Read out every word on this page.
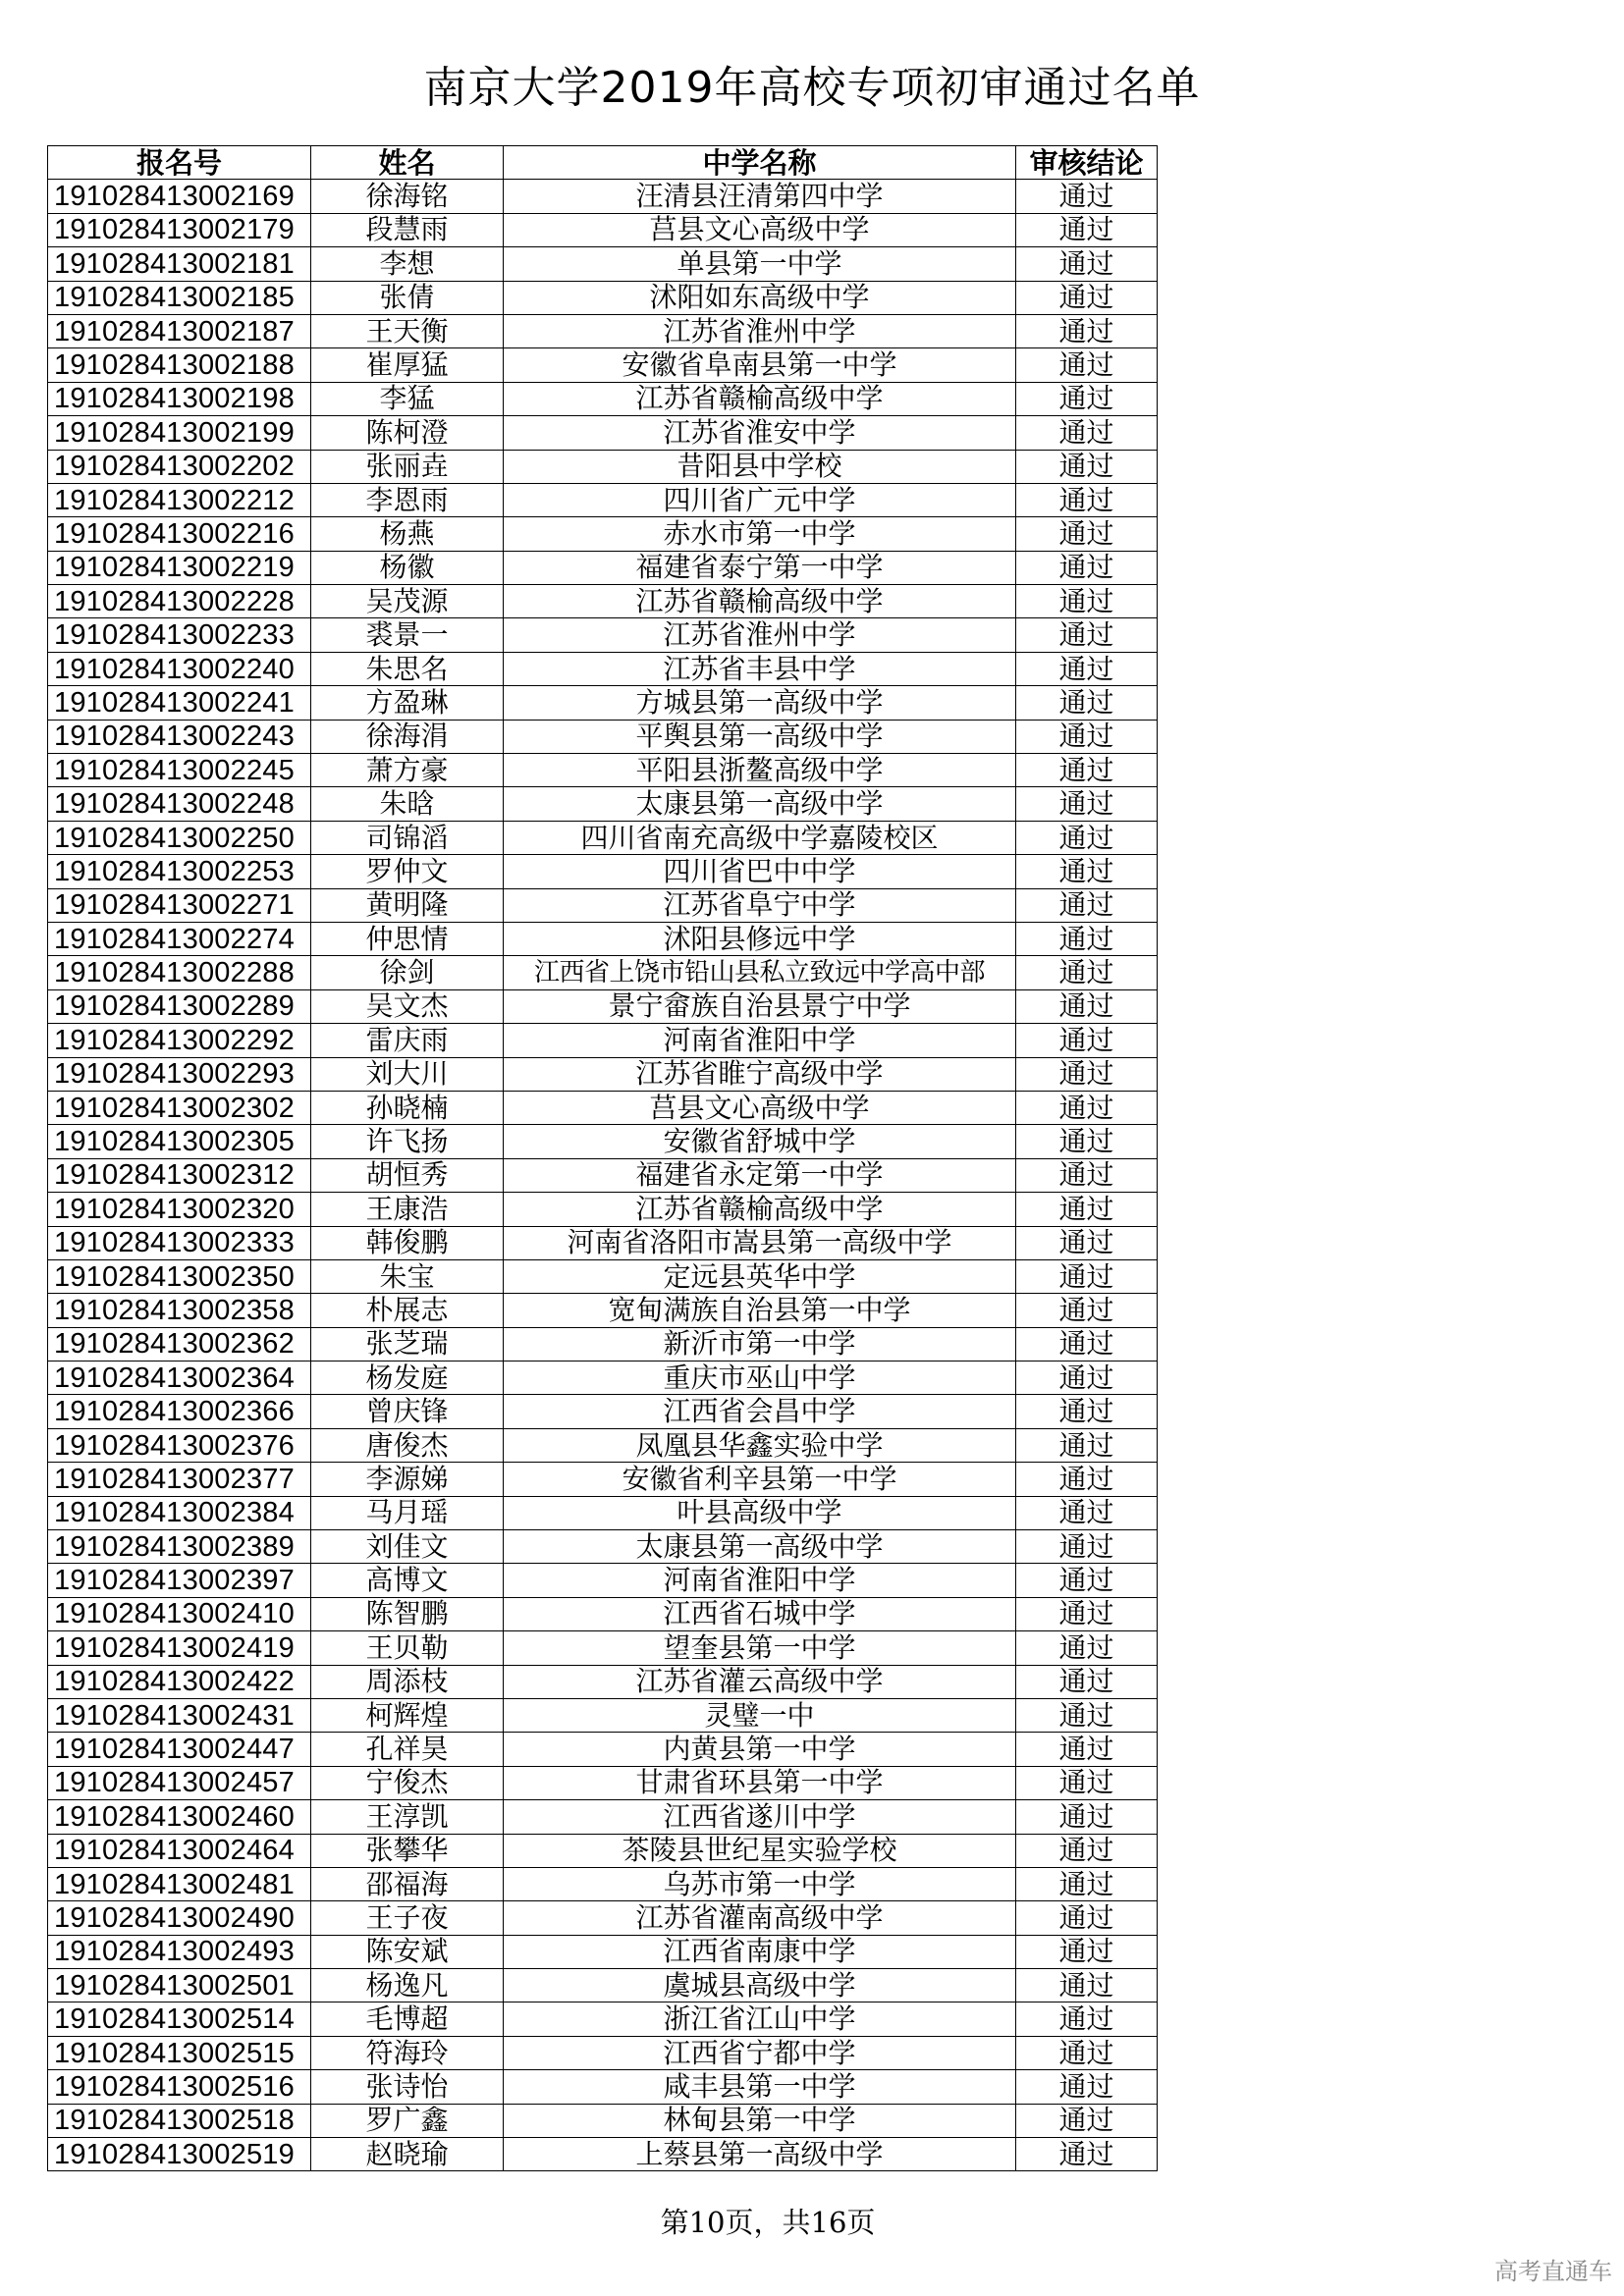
南京大学2019年高校专项初审通过名单
报名号	姓名	中学名称	审核结论
191028413002169	徐海铭	汪清县汪清第四中学	通过
191028413002179	段慧雨	莒县文心高级中学	通过
191028413002181	李想	单县第一中学	通过
191028413002185	张倩	沭阳如东高级中学	通过
191028413002187	王天衡	江苏省淮州中学	通过
191028413002188	崔厚猛	安徽省阜南县第一中学	通过
191028413002198	李猛	江苏省赣榆高级中学	通过
191028413002199	陈柯澄	江苏省淮安中学	通过
191028413002202	张丽垚	昔阳县中学校	通过
191028413002212	李恩雨	四川省广元中学	通过
191028413002216	杨燕	赤水市第一中学	通过
191028413002219	杨徽	福建省泰宁第一中学	通过
191028413002228	吴茂源	江苏省赣榆高级中学	通过
191028413002233	裘景一	江苏省淮州中学	通过
191028413002240	朱思名	江苏省丰县中学	通过
191028413002241	方盈琳	方城县第一高级中学	通过
191028413002243	徐海涓	平舆县第一高级中学	通过
191028413002245	萧方豪	平阳县浙鳌高级中学	通过
191028413002248	朱晗	太康县第一高级中学	通过
191028413002250	司锦滔	四川省南充高级中学嘉陵校区	通过
191028413002253	罗仲文	四川省巴中中学	通过
191028413002271	黄明隆	江苏省阜宁中学	通过
191028413002274	仲思情	沭阳县修远中学	通过
191028413002288	徐剑	江西省上饶市铅山县私立致远中学高中部	通过
191028413002289	吴文杰	景宁畲族自治县景宁中学	通过
191028413002292	雷庆雨	河南省淮阳中学	通过
191028413002293	刘大川	江苏省睢宁高级中学	通过
191028413002302	孙晓楠	莒县文心高级中学	通过
191028413002305	许飞扬	安徽省舒城中学	通过
191028413002312	胡恒秀	福建省永定第一中学	通过
191028413002320	王康浩	江苏省赣榆高级中学	通过
191028413002333	韩俊鹏	河南省洛阳市嵩县第一高级中学	通过
191028413002350	朱宝	定远县英华中学	通过
191028413002358	朴展志	宽甸满族自治县第一中学	通过
191028413002362	张芝瑞	新沂市第一中学	通过
191028413002364	杨发庭	重庆市巫山中学	通过
191028413002366	曾庆锋	江西省会昌中学	通过
191028413002376	唐俊杰	凤凰县华鑫实验中学	通过
191028413002377	李源娣	安徽省利辛县第一中学	通过
191028413002384	马月瑶	叶县高级中学	通过
191028413002389	刘佳文	太康县第一高级中学	通过
191028413002397	高博文	河南省淮阳中学	通过
191028413002410	陈智鹏	江西省石城中学	通过
191028413002419	王贝勒	望奎县第一中学	通过
191028413002422	周添枝	江苏省灌云高级中学	通过
191028413002431	柯辉煌	灵璧一中	通过
191028413002447	孔祥昊	内黄县第一中学	通过
191028413002457	宁俊杰	甘肃省环县第一中学	通过
191028413002460	王淳凯	江西省遂川中学	通过
191028413002464	张攀华	茶陵县世纪星实验学校	通过
191028413002481	邵福海	乌苏市第一中学	通过
191028413002490	王子夜	江苏省灌南高级中学	通过
191028413002493	陈安斌	江西省南康中学	通过
191028413002501	杨逸凡	虞城县高级中学	通过
191028413002514	毛博超	浙江省江山中学	通过
191028413002515	符海玲	江西省宁都中学	通过
191028413002516	张诗怡	咸丰县第一中学	通过
191028413002518	罗广鑫	林甸县第一中学	通过
191028413002519	赵晓瑜	上蔡县第一高级中学	通过
第10页，共16页
高考直通车
